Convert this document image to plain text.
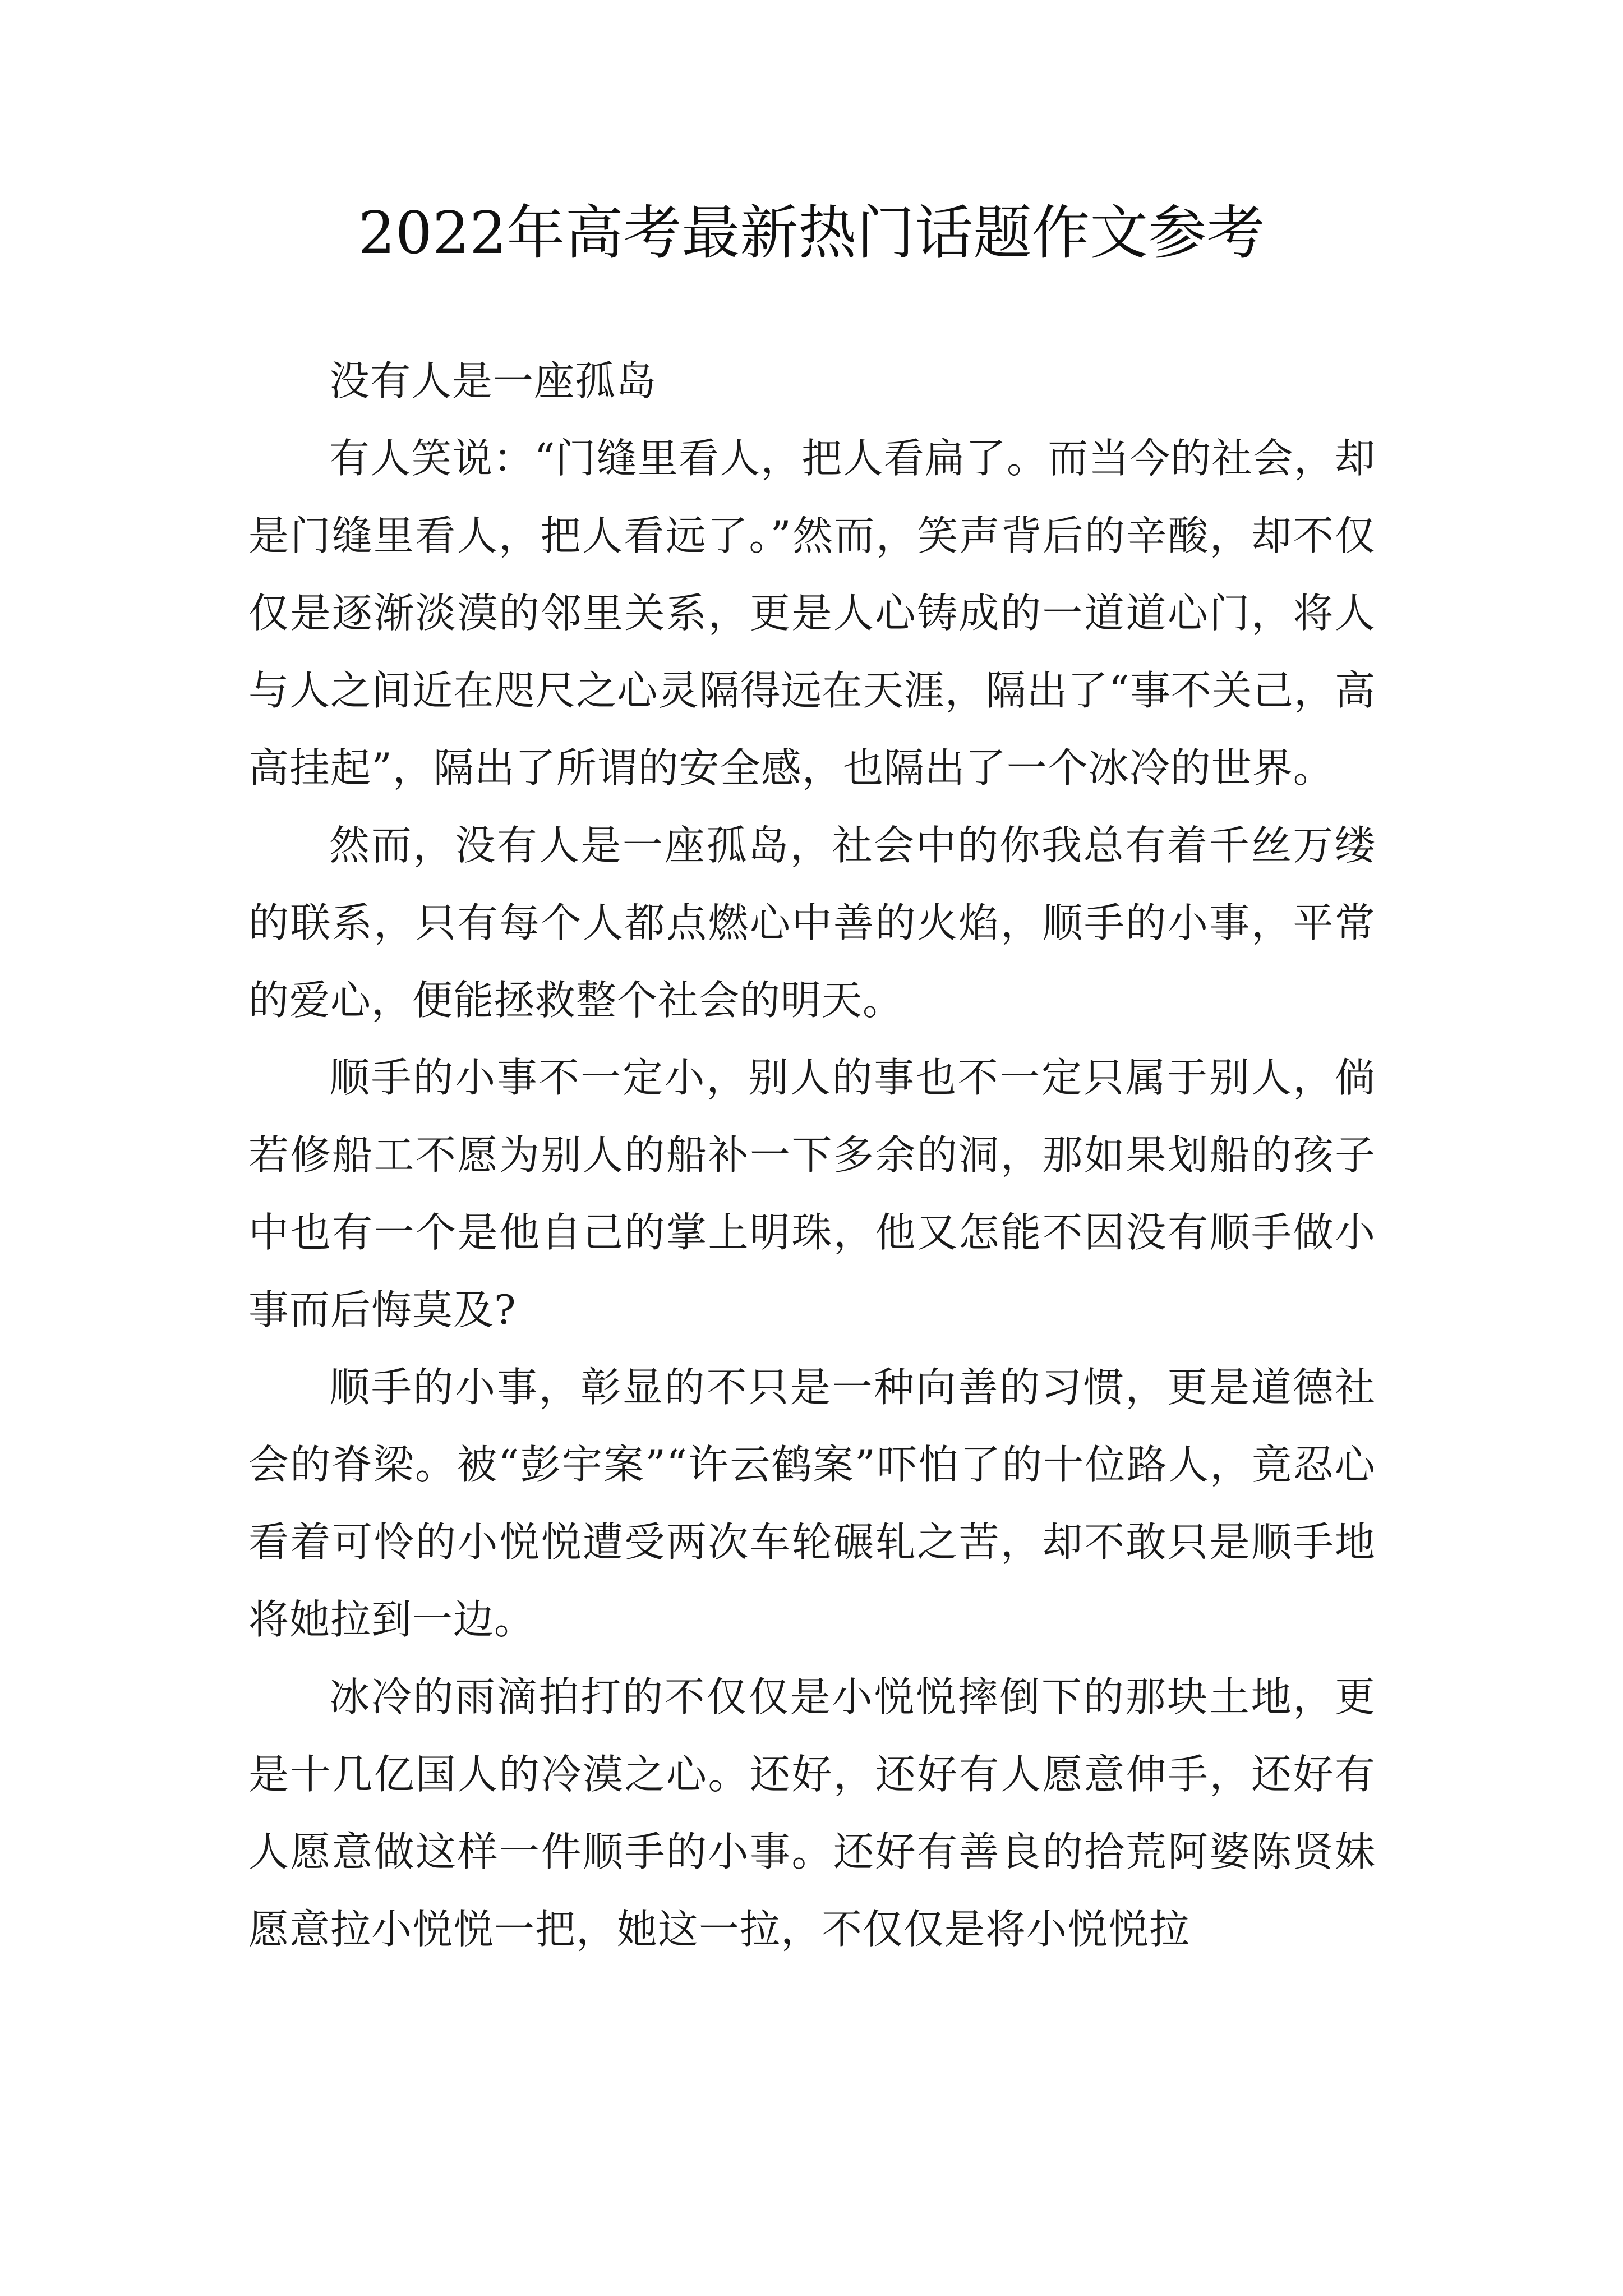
2022年高考最新热门话题作文参考

没有人是一座孤岛

有人笑说：“门缝里看人，把人看扁了。而当今的社会，却是门缝里看人，把人看远了。”然而，笑声背后的辛酸，却不仅仅是逐渐淡漠的邻里关系，更是人心铸成的一道道心门，将人与人之间近在咫尺之心灵隔得远在天涯，隔出了“事不关己，高高挂起”，隔出了所谓的安全感，也隔出了一个冰冷的世界。

然而，没有人是一座孤岛，社会中的你我总有着千丝万缕的联系，只有每个人都点燃心中善的火焰，顺手的小事，平常的爱心，便能拯救整个社会的明天。

顺手的小事不一定小，别人的事也不一定只属于别人，倘若修船工不愿为别人的船补一下多余的洞，那如果划船的孩子中也有一个是他自己的掌上明珠，他又怎能不因没有顺手做小事而后悔莫及?

顺手的小事，彰显的不只是一种向善的习惯，更是道德社会的脊梁。被“彭宇案”“许云鹤案”吓怕了的十位路人，竟忍心看着可怜的小悦悦遭受两次车轮碾轧之苦，却不敢只是顺手地将她拉到一边。

冰冷的雨滴拍打的不仅仅是小悦悦摔倒下的那块土地，更是十几亿国人的冷漠之心。还好，还好有人愿意伸手，还好有人愿意做这样一件顺手的小事。还好有善良的拾荒阿婆陈贤妹愿意拉小悦悦一把，她这一拉，不仅仅是将小悦悦拉
